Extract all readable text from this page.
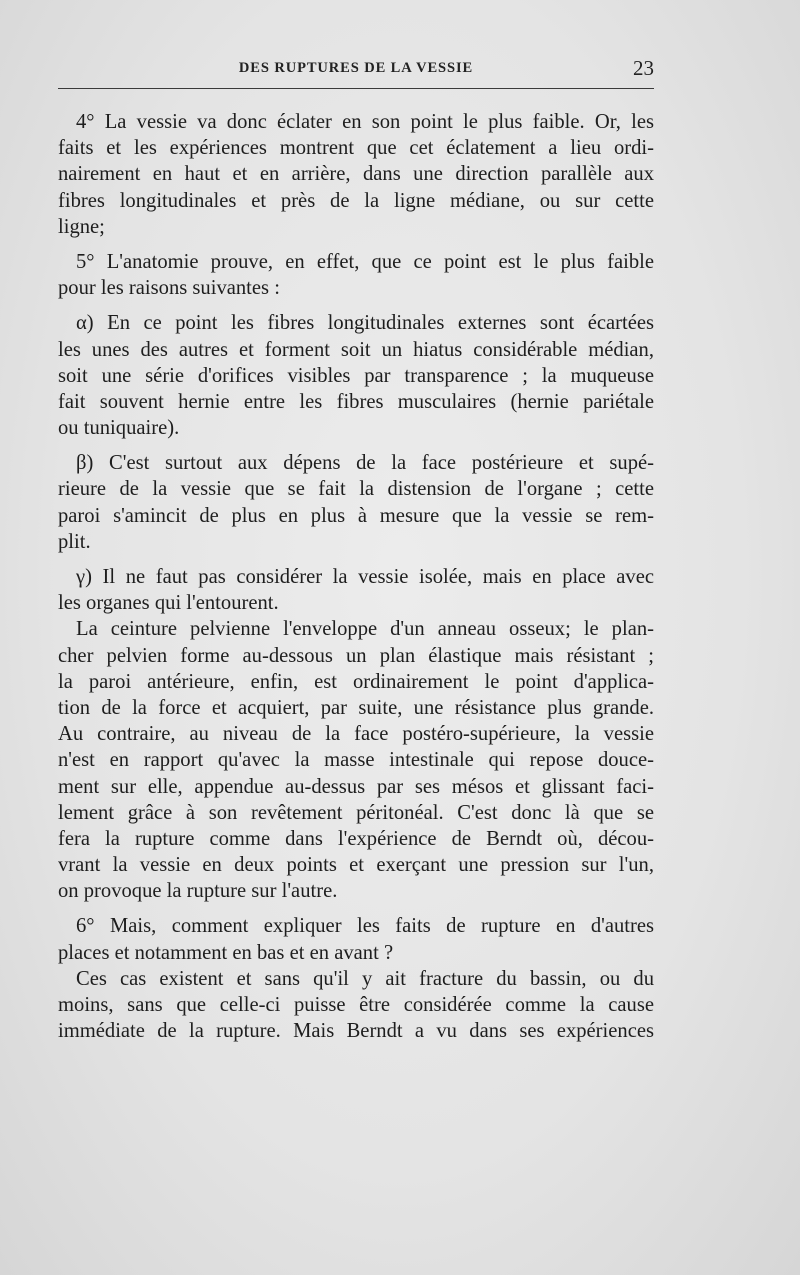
DES RUPTURES DE LA VESSIE	23
4° La vessie va donc éclater en son point le plus faible. Or, les
faits et les expériences montrent que cet éclatement a lieu ordi-
nairement en haut et en arrière, dans une direction parallèle aux
fibres longitudinales et près de la ligne médiane, ou sur cette
ligne;
5° L'anatomie prouve, en effet, que ce point est le plus faible
pour les raisons suivantes :
α) En ce point les fibres longitudinales externes sont écartées
les unes des autres et forment soit un hiatus considérable médian,
soit une série d'orifices visibles par transparence ; la muqueuse
fait souvent hernie entre les fibres musculaires (hernie pariétale
ou tuniquaire).
β) C'est surtout aux dépens de la face postérieure et supé-
rieure de la vessie que se fait la distension de l'organe ; cette
paroi s'amincit de plus en plus à mesure que la vessie se rem-
plit.
γ) Il ne faut pas considérer la vessie isolée, mais en place avec
les organes qui l'entourent.
La ceinture pelvienne l'enveloppe d'un anneau osseux; le plan-
cher pelvien forme au-dessous un plan élastique mais résistant ;
la paroi antérieure, enfin, est ordinairement le point d'applica-
tion de la force et acquiert, par suite, une résistance plus grande.
Au contraire, au niveau de la face postéro-supérieure, la vessie
n'est en rapport qu'avec la masse intestinale qui repose douce-
ment sur elle, appendue au-dessus par ses mésos et glissant faci-
lement grâce à son revêtement péritonéal. C'est donc là que se
fera la rupture comme dans l'expérience de Berndt où, décou-
vrant la vessie en deux points et exerçant une pression sur l'un,
on provoque la rupture sur l'autre.
6° Mais, comment expliquer les faits de rupture en d'autres
places et notamment en bas et en avant ?
Ces cas existent et sans qu'il y ait fracture du bassin, ou du
moins, sans que celle-ci puisse être considérée comme la cause
immédiate de la rupture. Mais Berndt a vu dans ses expériences
